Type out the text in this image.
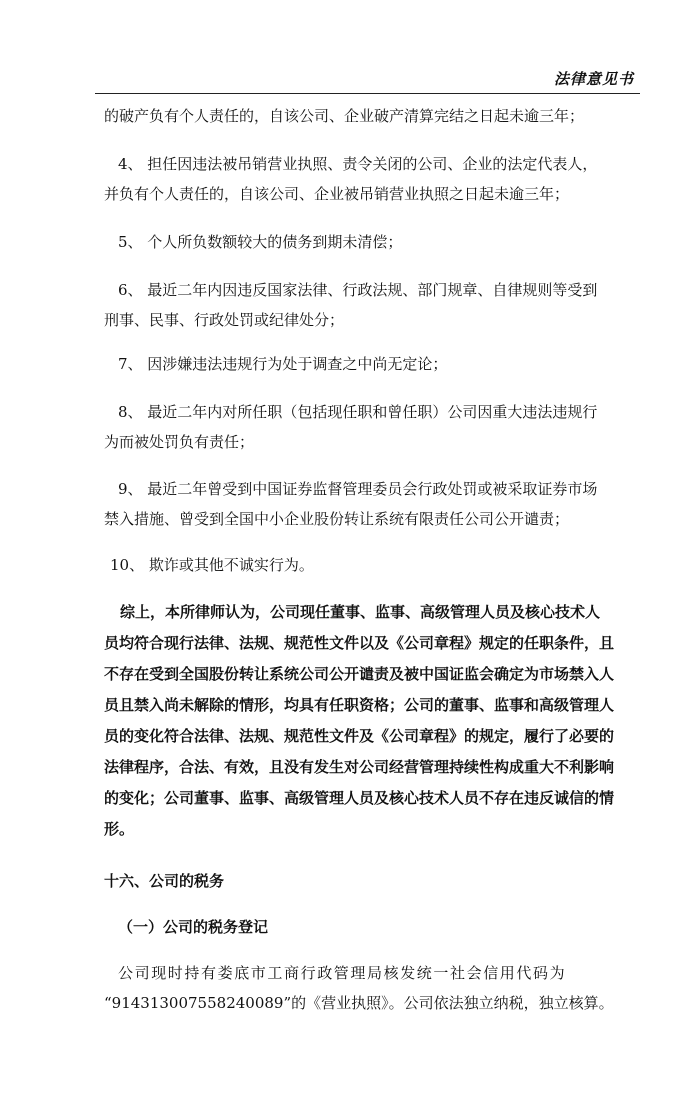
法律意见书
的破产负有个人责任的，自该公司、企业破产清算完结之日起未逾三年；
4、 担任因违法被吊销营业执照、责令关闭的公司、企业的法定代表人，
并负有个人责任的，自该公司、企业被吊销营业执照之日起未逾三年；
5、 个人所负数额较大的债务到期未清偿；
6、 最近二年内因违反国家法律、行政法规、部门规章、自律规则等受到
刑事、民事、行政处罚或纪律处分；
7、 因涉嫌违法违规行为处于调查之中尚无定论；
8、 最近二年内对所任职（包括现任职和曾任职）公司因重大违法违规行
为而被处罚负有责任；
9、 最近二年曾受到中国证券监督管理委员会行政处罚或被采取证券市场
禁入措施、曾受到全国中小企业股份转让系统有限责任公司公开谴责；
10、 欺诈或其他不诚实行为。
综上，本所律师认为，公司现任董事、监事、高级管理人员及核心技术人
员均符合现行法律、法规、规范性文件以及《公司章程》规定的任职条件，且
不存在受到全国股份转让系统公司公开谴责及被中国证监会确定为市场禁入人
员且禁入尚未解除的情形，均具有任职资格；公司的董事、监事和高级管理人
员的变化符合法律、法规、规范性文件及《公司章程》的规定，履行了必要的
法律程序，合法、有效，且没有发生对公司经营管理持续性构成重大不利影响
的变化；公司董事、监事、高级管理人员及核心技术人员不存在违反诚信的情
形。
十六、公司的税务
（一）公司的税务登记
公司现时持有娄底市工商行政管理局核发统一社会信用代码为
“914313007558240089”的《营业执照》。公司依法独立纳税，独立核算。
